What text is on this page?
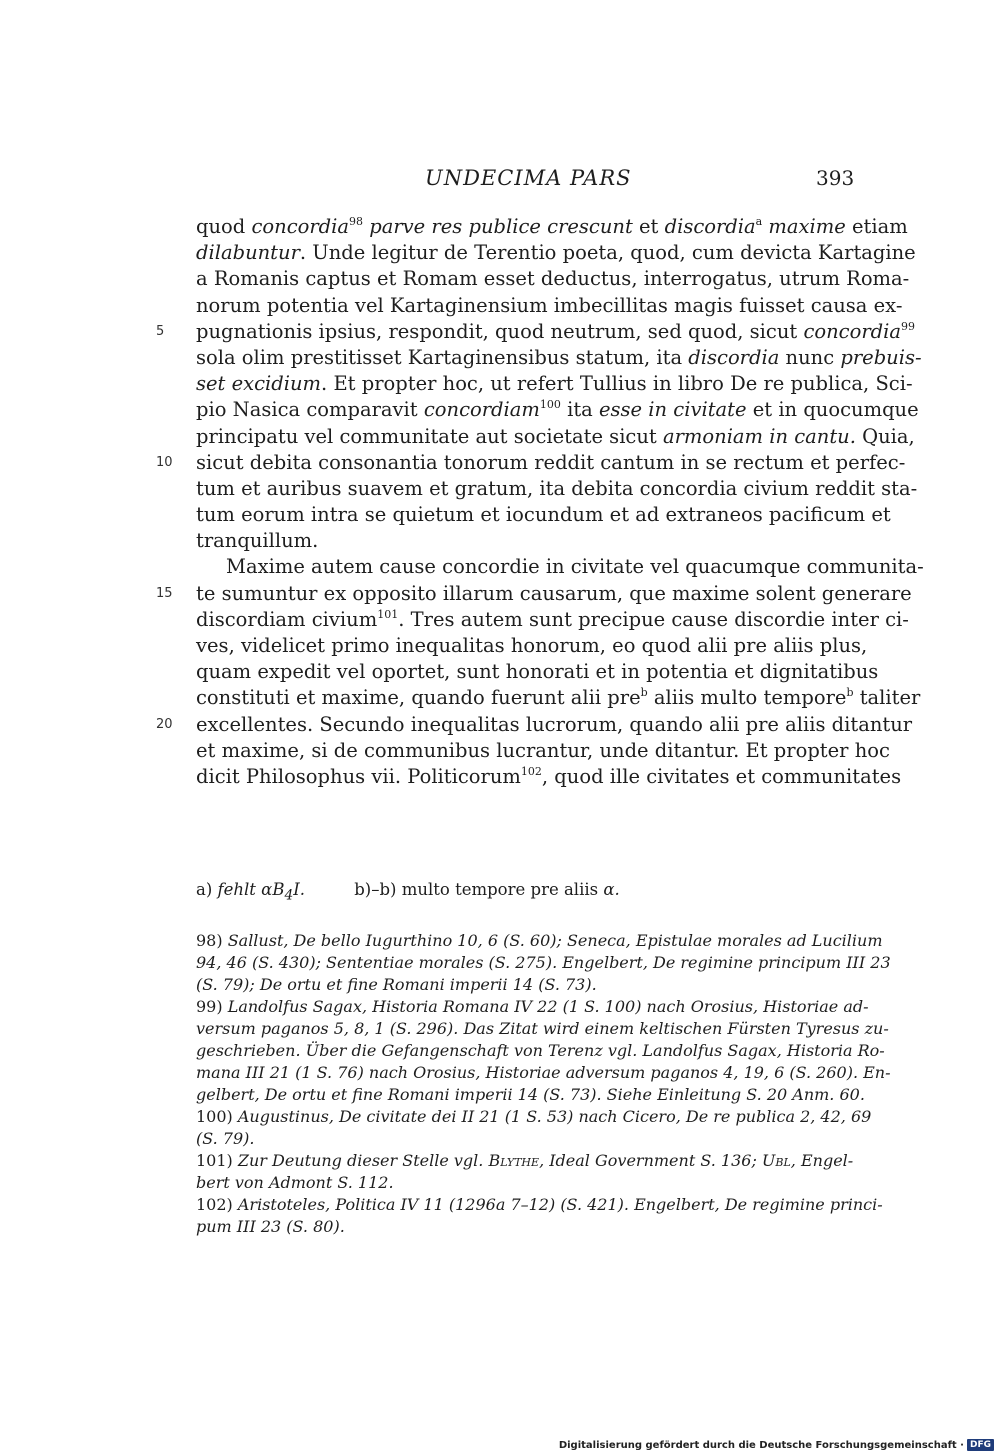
UNDECIMA PARS	393
quod concordia$^{98}$ parve res publice crescunt et discordia$^a$ maxime etiam
dilabuntur. Unde legitur de Terentio poeta, quod, cum devicta Kartagine
a Romanis captus et Romam esset deductus, interrogatus, utrum Roma-
norum potentia vel Kartaginensium imbecillitas magis fuisset causa ex-
5 pugnationis ipsius, respondit, quod neutrum, sed quod, sicut concordia$^{99}$
sola olim prestitisset Kartaginensibus statum, ita discordia nunc prebuis-
set excidium. Et propter hoc, ut refert Tullius in libro De re publica, Sci-
pio Nasica comparavit concordiam$^{100}$ ita esse in civitate et in quocumque
principatu vel communitate aut societate sicut armoniam in cantu. Quia,
10 sicut debita consonantia tonorum reddit cantum in se rectum et perfec-
tum et auribus suavem et gratum, ita debita concordia civium reddit sta-
tum eorum intra se quietum et iocundum et ad extraneos pacificum et
tranquillum.
Maxime autem cause concordie in civitate vel quacumque communita-
15 te sumuntur ex opposito illarum causarum, que maxime solent generare
discordiam civium$^{101}$. Tres autem sunt precipue cause discordie inter ci-
ves, videlicet primo inequalitas honorum, eo quod alii pre aliis plus,
quam expedit vel oportet, sunt honorati et in potentia et dignitatibus
constituti et maxime, quando fuerunt alii pre$^b$ aliis multo tempore$^b$ taliter
20 excellentes. Secundo inequalitas lucrorum, quando alii pre aliis ditantur
et maxime, si de communibus lucrantur, unde ditantur. Et propter hoc
dicit Philosophus vii. Politicorum$^{102}$, quod ille civitates et communitates
a) fehlt $\alpha B_4I$.	b)–b) multo tempore pre aliis α.
98) Sallust, De bello Iugurthino 10, 6 (S. 60); Seneca, Epistulae morales ad Lucilium
94, 46 (S. 430); Sententiae morales (S. 275). Engelbert, De regimine principum III 23
(S. 79); De ortu et fine Romani imperii 14 (S. 73).
99) Landolfus Sagax, Historia Romana IV 22 (1 S. 100) nach Orosius, Historiae ad-
versum paganos 5, 8, 1 (S. 296). Das Zitat wird einem keltischen Fürsten Tyresus zu-
geschrieben. Über die Gefangenschaft von Terenz vgl. Landolfus Sagax, Historia Ro-
mana III 21 (1 S. 76) nach Orosius, Historiae adversum paganos 4, 19, 6 (S. 260). En-
gelbert, De ortu et fine Romani imperii 14 (S. 73). Siehe Einleitung S. 20 Anm. 60.
100) Augustinus, De civitate dei II 21 (1 S. 53) nach Cicero, De re publica 2, 42, 69
(S. 79).
101) Zur Deutung dieser Stelle vgl. Blythe, Ideal Government S. 136; Ubl, Engel-
bert von Admont S. 112.
102) Aristoteles, Politica IV 11 (1296a 7–12) (S. 421). Engelbert, De regimine princi-
pum III 23 (S. 80).
Digitalisierung gefördert durch die Deutsche Forschungsgemeinschaft · DFG
